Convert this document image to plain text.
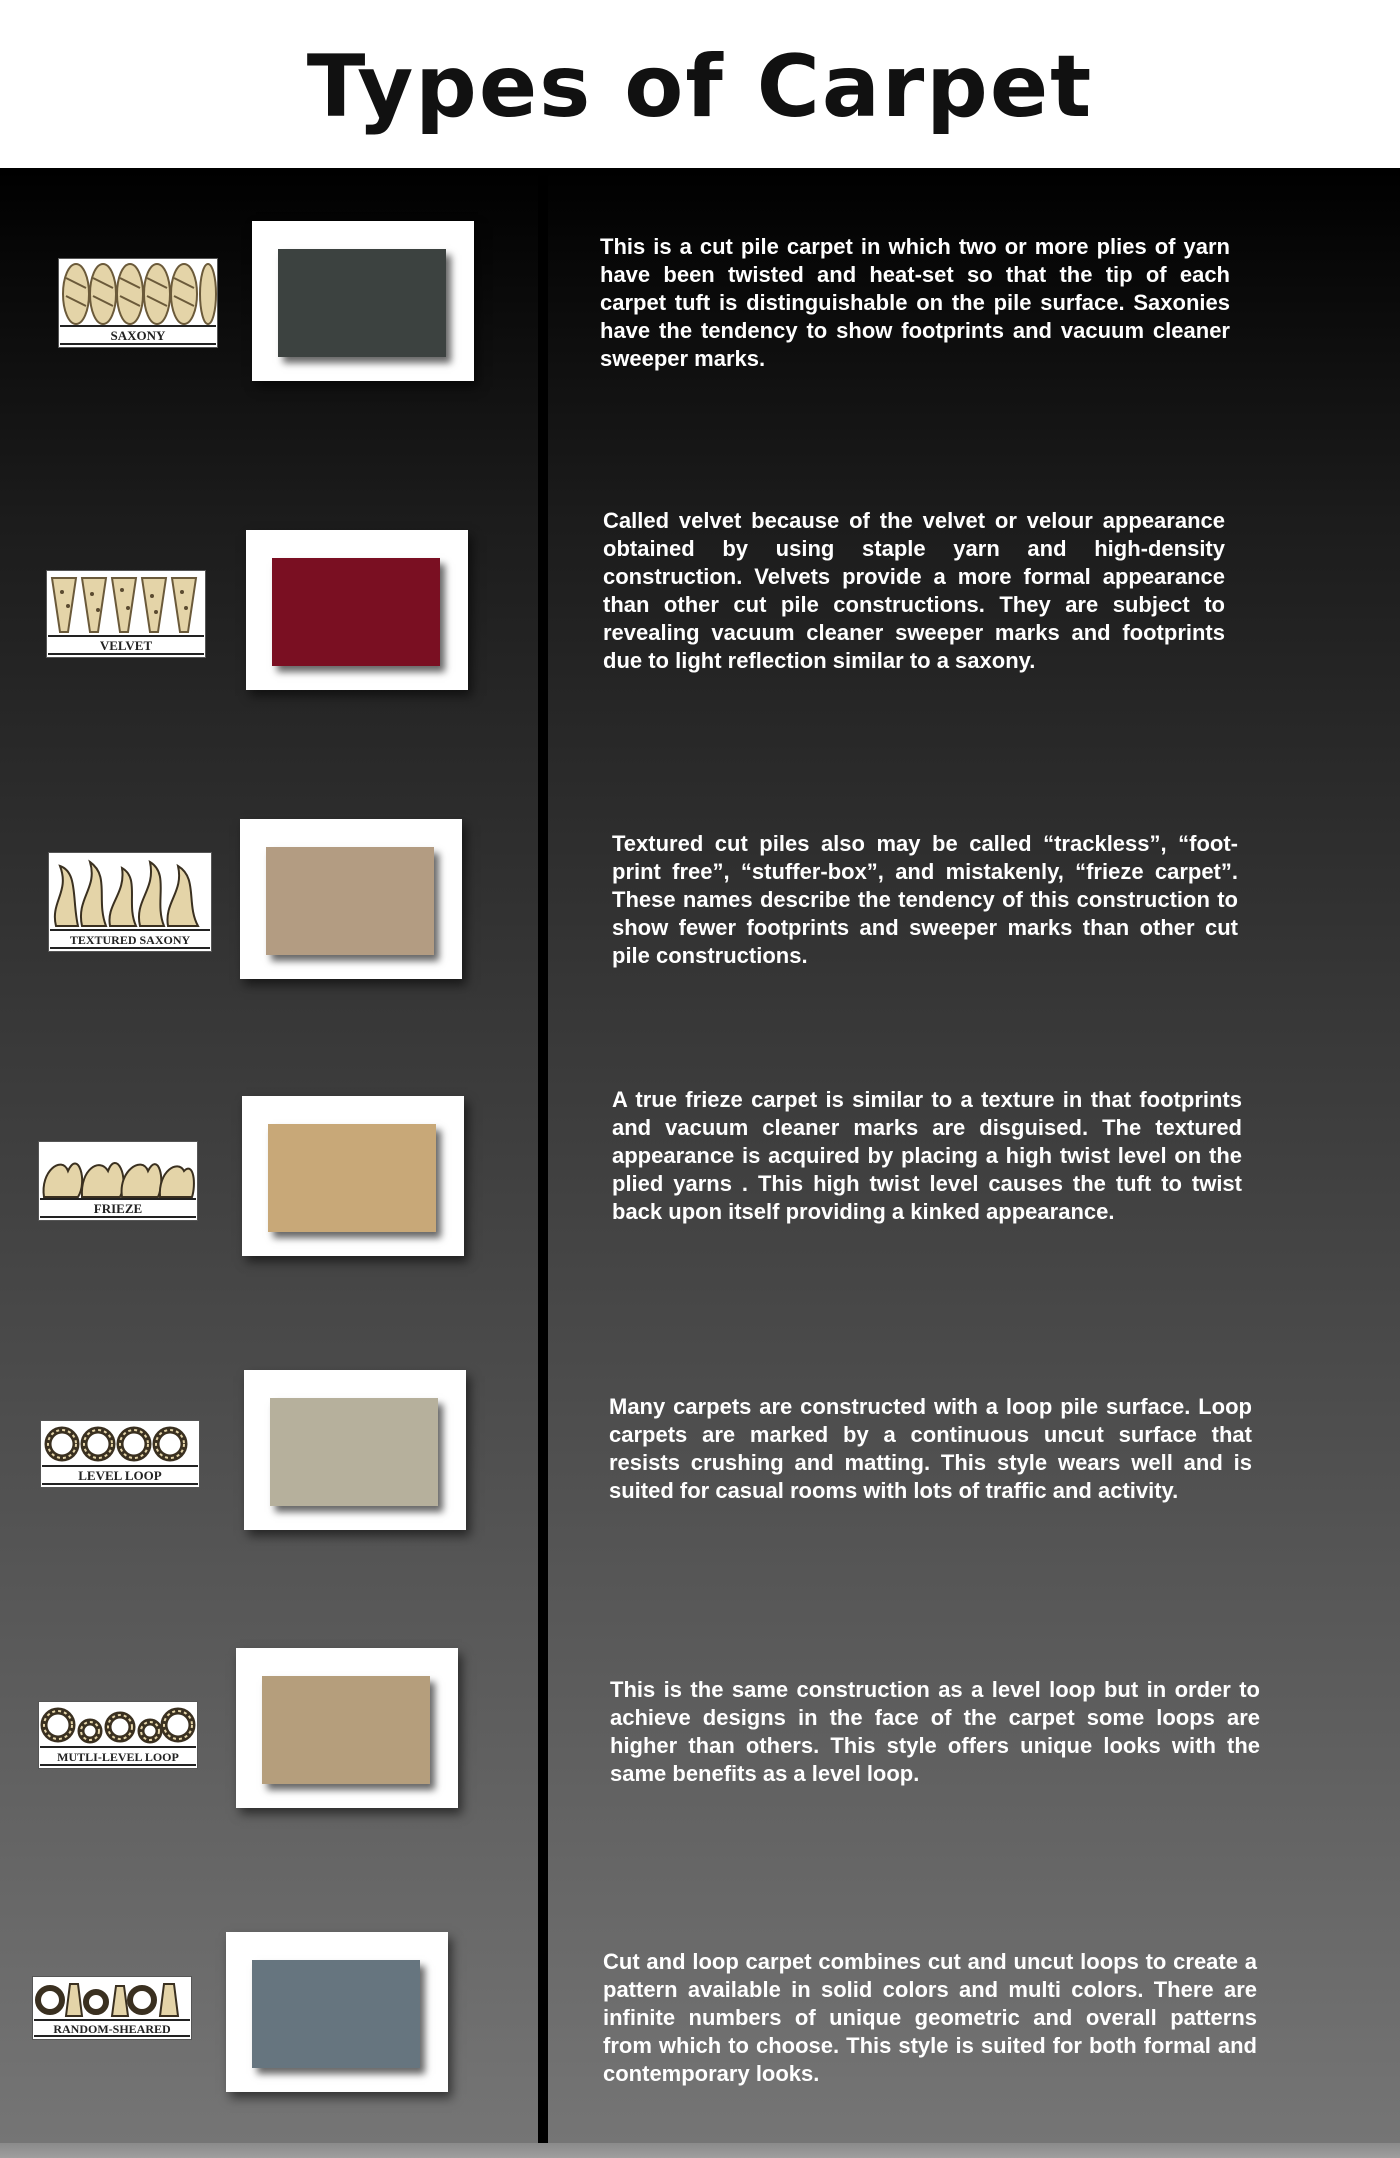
Types of Carpet
SAXONY

This is a cut pile carpet in which two or more plies of yarn have been twisted and heat-set so that the tip of each carpet tuft is distinguishable on the pile surface. Saxonies have the tendency to show footprints and vacuum cleaner sweeper marks.

VELVET

Called velvet because of the velvet or velour appearance obtained by using staple yarn and high-density construction. Velvets provide a more formal appearance than other cut pile constructions. They are subject to revealing vacuum cleaner sweeper marks and footprints due to light reflection similar to a saxony.

TEXTURED SAXONY

Textured cut piles also may be called “trackless”, “foot-print free”, “stuffer-box”, and mistakenly, “frieze carpet”. These names describe the tendency of this construction to show fewer footprints and sweeper marks than other cut pile constructions.

FRIEZE

A true frieze carpet is similar to a texture in that footprints and vacuum cleaner marks are disguised. The textured appearance is acquired by placing a high twist level on the plied yarns . This high twist level causes the tuft to twist back upon itself providing a kinked appearance.

LEVEL LOOP

Many carpets are constructed with a loop pile surface. Loop carpets are marked by a continuous uncut surface that resists crushing and matting. This style wears well and is suited for casual rooms with lots of traffic and activity.

MUTLI-LEVEL LOOP

This is the same construction as a level loop but in order to achieve designs in the face of the carpet some loops are higher than others. This style offers unique looks with the same benefits as a level loop.

RANDOM-SHEARED

Cut and loop carpet combines cut and uncut loops to create a pattern available in solid colors and multi colors. There are infinite numbers of unique geometric and overall patterns from which to choose. This style is suited for both formal and contemporary looks.
